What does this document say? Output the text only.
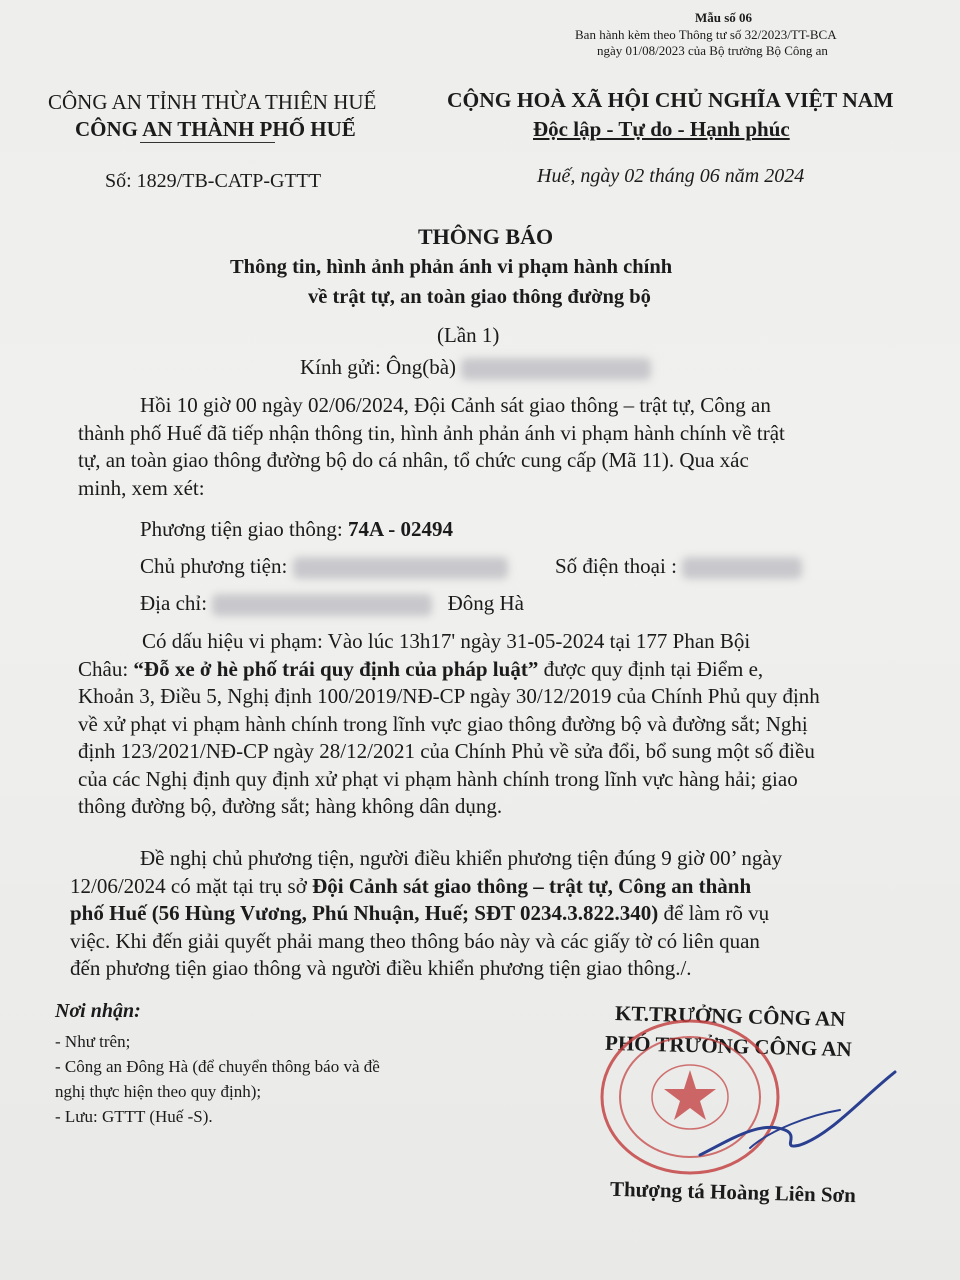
Mẫu số 06
Ban hành kèm theo Thông tư số 32/2023/TT-BCA
ngày 01/08/2023 của Bộ trưởng Bộ Công an
CÔNG AN TỈNH THỪA THIÊN HUẾ
CÔNG AN THÀNH PHỐ HUẾ
CỘNG HOÀ XÃ HỘI CHỦ NGHĨA VIỆT NAM
Độc lập - Tự do - Hạnh phúc
Số: 1829/TB-CATP-GTTT	Huế, ngày 02 tháng 06 năm 2024
THÔNG BÁO
Thông tin, hình ảnh phản ánh vi phạm hành chính
về trật tự, an toàn giao thông đường bộ
(Lần 1)
Kính gửi: Ông(bà)
Hồi 10 giờ 00 ngày 02/06/2024, Đội Cảnh sát giao thông – trật tự, Công an
thành phố Huế đã tiếp nhận thông tin, hình ảnh phản ánh vi phạm hành chính về trật
tự, an toàn giao thông đường bộ do cá nhân, tổ chức cung cấp (Mã 11). Qua xác
minh, xem xét:
Phương tiện giao thông: 74A - 02494
Chủ phương tiện:	Số điện thoại :
Địa chỉ:	Đông Hà
Có dấu hiệu vi phạm: Vào lúc 13h17' ngày 31-05-2024 tại 177 Phan Bội
Châu: “Đỗ xe ở hè phố trái quy định của pháp luật” được quy định tại Điểm e,
Khoản 3, Điều 5, Nghị định 100/2019/NĐ-CP ngày 30/12/2019 của Chính Phủ quy định
về xử phạt vi phạm hành chính trong lĩnh vực giao thông đường bộ và đường sắt; Nghị
định 123/2021/NĐ-CP ngày 28/12/2021 của Chính Phủ về sửa đổi, bổ sung một số điều
của các Nghị định quy định xử phạt vi phạm hành chính trong lĩnh vực hàng hải; giao
thông đường bộ, đường sắt; hàng không dân dụng.
Đề nghị chủ phương tiện, người điều khiển phương tiện đúng 9 giờ 00’ ngày
12/06/2024 có mặt tại trụ sở Đội Cảnh sát giao thông – trật tự, Công an thành
phố Huế (56 Hùng Vương, Phú Nhuận, Huế; SĐT 0234.3.822.340) để làm rõ vụ
việc. Khi đến giải quyết phải mang theo thông báo này và các giấy tờ có liên quan
đến phương tiện giao thông và người điều khiển phương tiện giao thông./.
Nơi nhận:
- Như trên;
- Công an Đông Hà (để chuyển thông báo và đề
nghị thực hiện theo quy định);
- Lưu: GTTT (Huế -S).
KT.TRƯỞNG CÔNG AN
PHÓ TRƯỞNG CÔNG AN
Thượng tá Hoàng Liên Sơn
